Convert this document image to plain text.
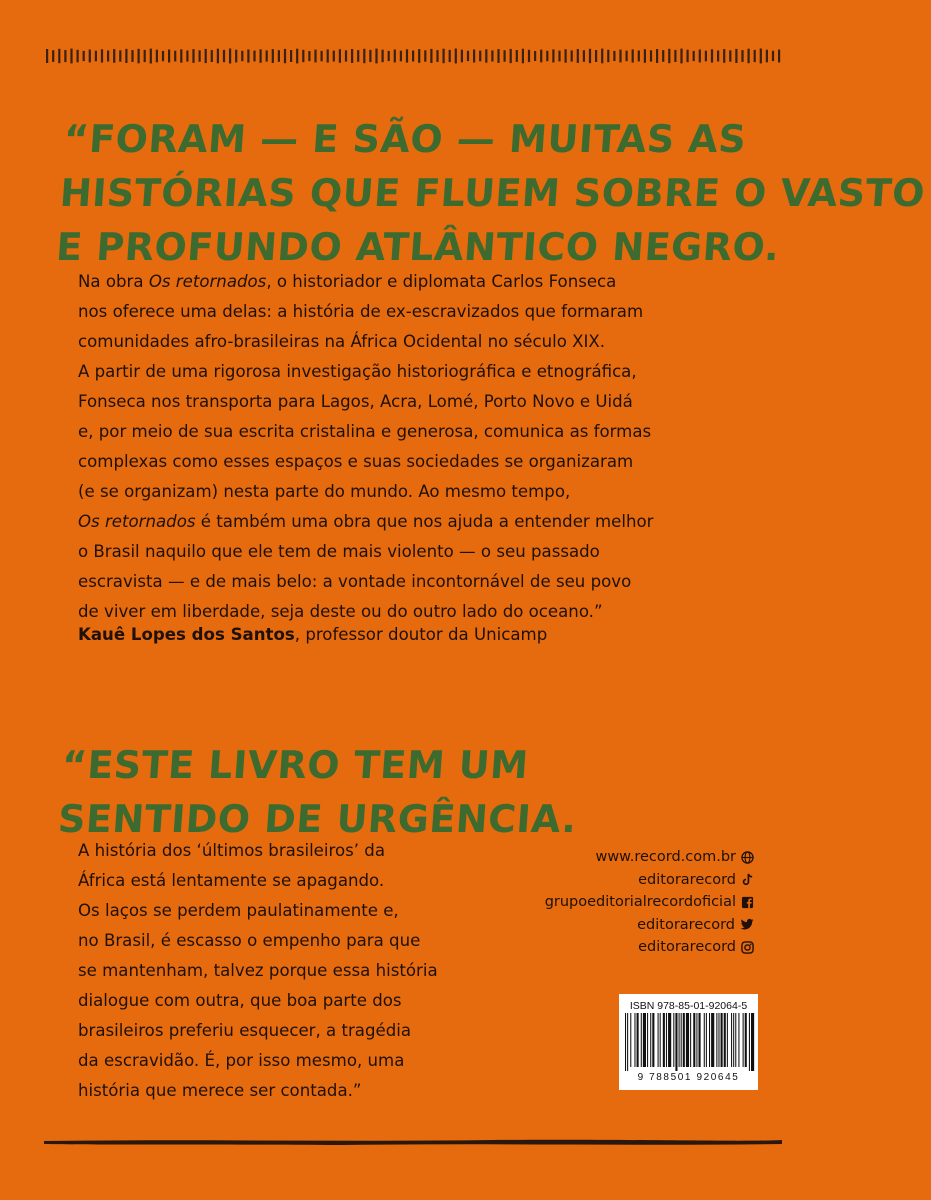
“FORAM — E SÃO — MUITAS AS
HISTÓRIAS QUE FLUEM SOBRE O VASTO
E PROFUNDO ATLÂNTICO NEGRO.
Na obra Os retornados, o historiador e diplomata Carlos Fonseca
nos oferece uma delas: a história de ex-escravizados que formaram
comunidades afro-brasileiras na África Ocidental no século XIX.
A partir de uma rigorosa investigação historiográfica e etnográfica,
Fonseca nos transporta para Lagos, Acra, Lomé, Porto Novo e Uidá
e, por meio de sua escrita cristalina e generosa, comunica as formas
complexas como esses espaços e suas sociedades se organizaram
(e se organizam) nesta parte do mundo. Ao mesmo tempo,
Os retornados é também uma obra que nos ajuda a entender melhor
o Brasil naquilo que ele tem de mais violento — o seu passado
escravista — e de mais belo: a vontade incontornável de seu povo
de viver em liberdade, seja deste ou do outro lado do oceano.”
Kauê Lopes dos Santos, professor doutor da Unicamp
“ESTE LIVRO TEM UM
SENTIDO DE URGÊNCIA.
A história dos ‘últimos brasileiros’ da
África está lentamente se apagando.
Os laços se perdem paulatinamente e,
no Brasil, é escasso o empenho para que
se mantenham, talvez porque essa história
dialogue com outra, que boa parte dos
brasileiros preferiu esquecer, a tragédia
da escravidão. É, por isso mesmo, uma
história que merece ser contada.”
www.record.com.br
editorarecord
grupoeditorialrecordoficial
editorarecord
editorarecord
ISBN 978-85-01-92064-5
9 788501 920645
